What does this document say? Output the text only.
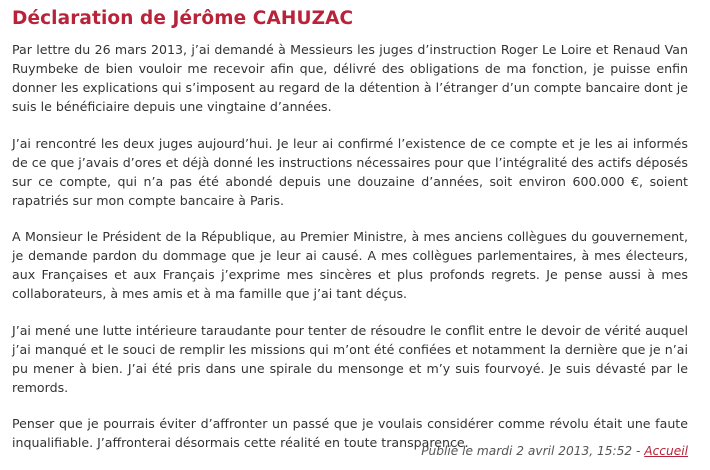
Déclaration de Jérôme CAHUZAC

Par lettre du 26 mars 2013, j’ai demandé à Messieurs les juges d’instruction Roger Le Loire et Renaud Van Ruymbeke de bien vouloir me recevoir afin que, délivré des obligations de ma fonction, je puisse enfin donner les explications qui s’imposent au regard de la détention à l’étranger d’un compte bancaire dont je suis le bénéficiaire depuis une vingtaine d’années.

J’ai rencontré les deux juges aujourd’hui. Je leur ai confirmé l’existence de ce compte et je les ai informés de ce que j’avais d’ores et déjà donné les instructions nécessaires pour que l’intégralité des actifs déposés sur ce compte, qui n’a pas été abondé depuis une douzaine d’années, soit environ 600.000 €, soient rapatriés sur mon compte bancaire à Paris.

A Monsieur le Président de la République, au Premier Ministre, à mes anciens collègues du gouvernement, je demande pardon du dommage que je leur ai causé. A mes collègues parlementaires, à mes électeurs, aux Françaises et aux Français j’exprime mes sincères et plus profonds regrets. Je pense aussi à mes collaborateurs, à mes amis et à ma famille que j’ai tant déçus.

J’ai mené une lutte intérieure taraudante pour tenter de résoudre le conflit entre le devoir de vérité auquel j’ai manqué et le souci de remplir les missions qui m’ont été confiées et notamment la dernière que je n’ai pu mener à bien. J’ai été pris dans une spirale du mensonge et m’y suis fourvoyé. Je suis dévasté par le remords.

Penser que je pourrais éviter d’affronter un passé que je voulais considérer comme révolu était une faute inqualifiable. J’affronterai désormais cette réalité en toute transparence.

Publié le mardi 2 avril 2013, 15:52 - Accueil
